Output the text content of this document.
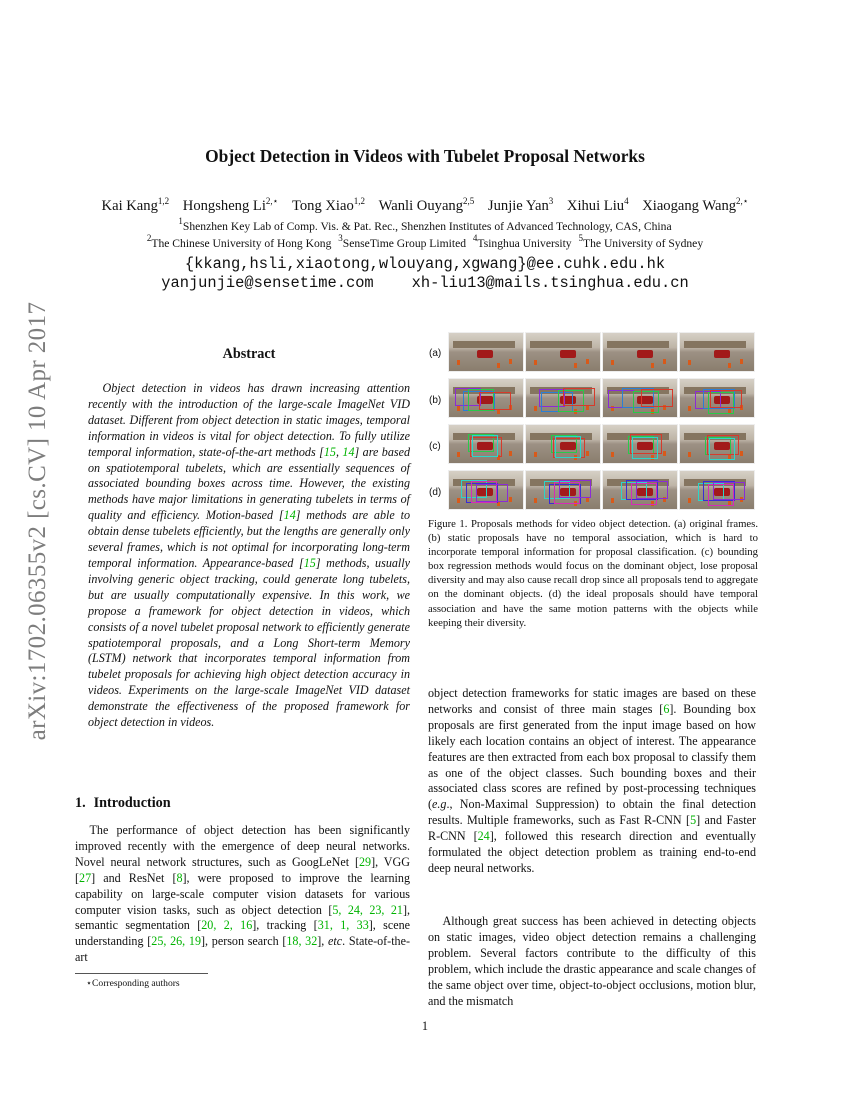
Object Detection in Videos with Tubelet Proposal Networks
Kai Kang$^{1,2}$ Hongsheng $Li^{2,⋆}$ Tong Xiao$^{1,2}$ Wanli Ouyang$^{2,5}$ Junjie Yan$^3$ Xihui Liu$^4$ Xiaogang Wang$^{2,⋆}$
$^1$Shenzhen Key Lab of Comp. Vis. & Pat. Rec., Shenzhen Institutes of Advanced Technology, CAS, China
$^2$The Chinese University of Hong Kong $^3$SenseTime Group Limited $^4$Tsinghua University $^5$The University of Sydney
{kkang,hsli,xiaotong,wlouyang,xgwang}@ee.cuhk.edu.hk
yanjunjie@sensetime.com xh-liu13@mails.tsinghua.edu.cn
arXiv:1702.06355v2 [cs.CV] 10 Apr 2017	Abstract
Object detection in videos has drawn increasing attention recently with the introduction of the large-scale ImageNet VID dataset. Different from object detection in static images, temporal information in videos is vital for object detection. To fully utilize temporal information, state-of-the-art methods [15, 14] are based on spatiotemporal tubelets, which are essentially sequences of associated bounding boxes across time. However, the existing methods have major limitations in generating tubelets in terms of quality and efficiency. Motion-based [14] methods are able to obtain dense tubelets efficiently, but the lengths are generally only several frames, which is not optimal for incorporating long-term temporal information. Appearance-based [15] methods, usually involving generic object tracking, could generate long tubelets, but are usually computationally expensive. In this work, we propose a framework for object detection in videos, which consists of a novel tubelet proposal network to efficiently generate spatiotemporal proposals, and a Long Short-term Memory (LSTM) network that incorporates temporal information from tubelet proposals for achieving high object detection accuracy in videos. Experiments on the large-scale ImageNet VID dataset demonstrate the effectiveness of the proposed framework for object detection in videos.
1. Introduction
The performance of object detection has been significantly improved recently with the emergence of deep neural networks. Novel neural network structures, such as GoogLeNet [29], VGG [27] and ResNet [8], were proposed to improve the learning capability on large-scale computer vision datasets for various computer vision tasks, such as object detection [5, 24, 23, 21], semantic segmentation [20, 2, 16], tracking [31, 1, 33], scene understanding [25, 26, 19], person search [18, 32], etc. State-of-the-art
⋆Corresponding authors
(a)
(b)
(c)
(d)
Figure 1. Proposals methods for video object detection. (a) original frames. (b) static proposals have no temporal association, which is hard to incorporate temporal information for proposal classification. (c) bounding box regression methods would focus on the dominant object, lose proposal diversity and may also cause recall drop since all proposals tend to aggregate on the dominant objects. (d) the ideal proposals should have temporal association and have the same motion patterns with the objects while keeping their diversity.
object detection frameworks for static images are based on these networks and consist of three main stages [6]. Bounding box proposals are first generated from the input image based on how likely each location contains an object of interest. The appearance features are then extracted from each box proposal to classify them as one of the object classes. Such bounding boxes and their associated class scores are refined by post-processing techniques (e.g., Non-Maximal Suppression) to obtain the final detection results. Multiple frameworks, such as Fast R-CNN [5] and Faster R-CNN [24], followed this research direction and eventually formulated the object detection problem as training end-to-end deep neural networks.
Although great success has been achieved in detecting objects on static images, video object detection remains a challenging problem. Several factors contribute to the difficulty of this problem, which include the drastic appearance and scale changes of the same object over time, object-to-object occlusions, motion blur, and the mismatch
1
